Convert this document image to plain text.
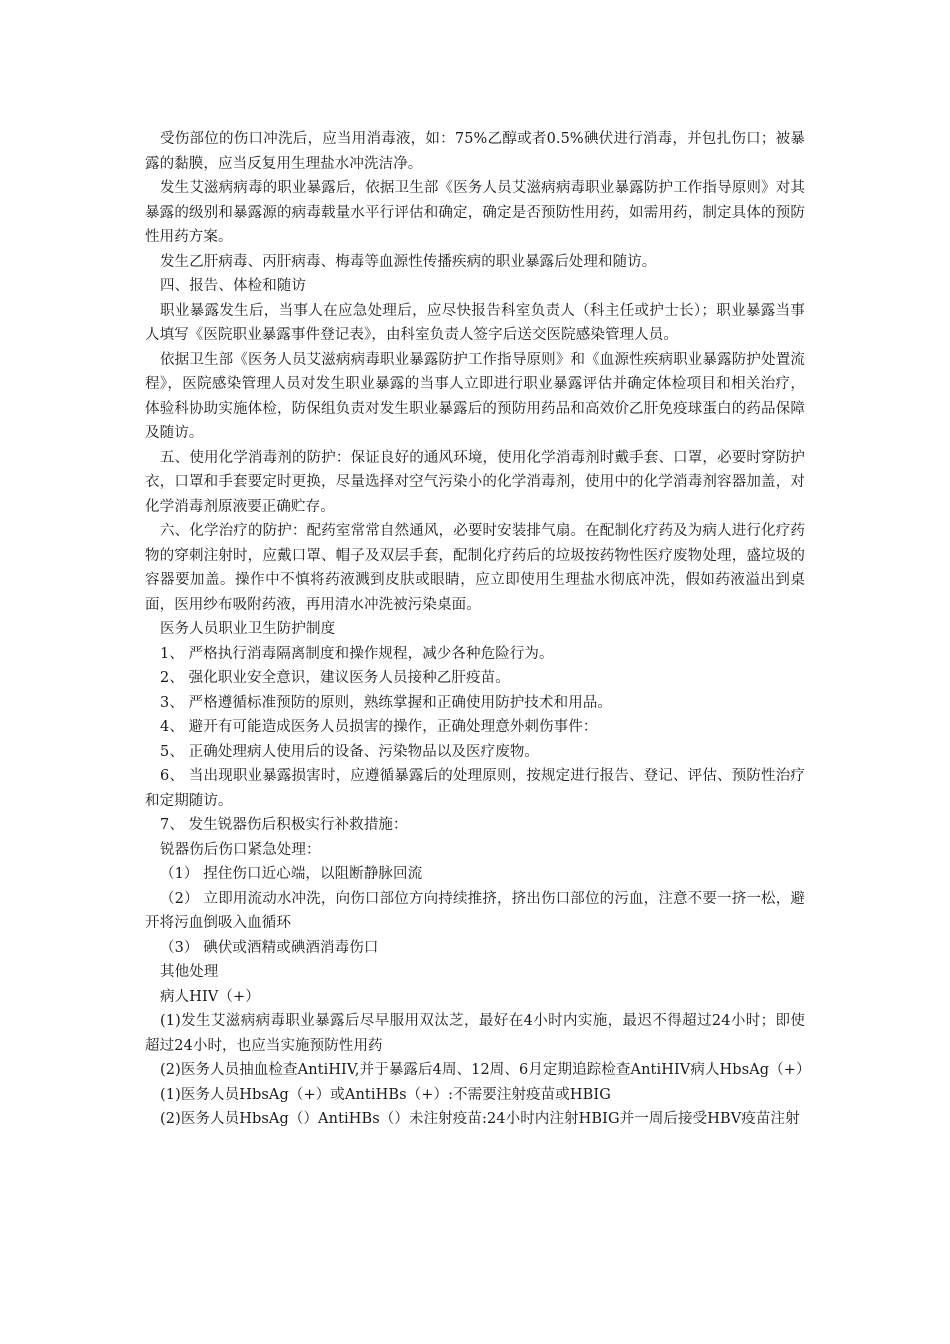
受伤部位的伤口冲洗后，应当用消毒液，如：75%乙醇或者0.5%碘伏进行消毒，并包扎伤口；被暴露的黏膜，应当反复用生理盐水冲洗洁净。

发生艾滋病病毒的职业暴露后，依据卫生部《医务人员艾滋病病毒职业暴露防护工作指导原则》对其暴露的级别和暴露源的病毒载量水平行评估和确定，确定是否预防性用药，如需用药，制定具体的预防性用药方案。

发生乙肝病毒、丙肝病毒、梅毒等血源性传播疾病的职业暴露后处理和随访。

四、报告、体检和随访

职业暴露发生后，当事人在应急处理后，应尽快报告科室负责人（科主任或护士长）；职业暴露当事人填写《医院职业暴露事件登记表》，由科室负责人签字后送交医院感染管理人员。

依据卫生部《医务人员艾滋病病毒职业暴露防护工作指导原则》和《血源性疾病职业暴露防护处置流程》，医院感染管理人员对发生职业暴露的当事人立即进行职业暴露评估并确定体检项目和相关治疗，体验科协助实施体检，防保组负责对发生职业暴露后的预防用药品和高效价乙肝免疫球蛋白的药品保障及随访。

五、使用化学消毒剂的防护：保证良好的通风环境，使用化学消毒剂时戴手套、口罩，必要时穿防护衣，口罩和手套要定时更换，尽量选择对空气污染小的化学消毒剂，使用中的化学消毒剂容器加盖，对化学消毒剂原液要正确贮存。

六、化学治疗的防护：配药室常常自然通风，必要时安装排气扇。在配制化疗药及为病人进行化疗药物的穿刺注射时，应戴口罩、帽子及双层手套，配制化疗药后的垃圾按药物性医疗废物处理，盛垃圾的容器要加盖。操作中不慎将药液溅到皮肤或眼睛，应立即使用生理盐水彻底冲洗，假如药液溢出到桌面，医用纱布吸附药液，再用清水冲洗被污染桌面。

医务人员职业卫生防护制度

1、 严格执行消毒隔离制度和操作规程，减少各种危险行为。

2、 强化职业安全意识，建议医务人员接种乙肝疫苗。

3、 严格遵循标准预防的原则，熟练掌握和正确使用防护技术和用品。

4、 避开有可能造成医务人员损害的操作，正确处理意外刺伤事件：

5、 正确处理病人使用后的设备、污染物品以及医疗废物。

6、 当出现职业暴露损害时，应遵循暴露后的处理原则，按规定进行报告、登记、评估、预防性治疗和定期随访。

7、 发生锐器伤后积极实行补救措施：

锐器伤后伤口紧急处理：

（1） 捏住伤口近心端，以阻断静脉回流

（2） 立即用流动水冲洗，向伤口部位方向持续推挤，挤出伤口部位的污血，注意不要一挤一松，避开将污血倒吸入血循环

（3） 碘伏或酒精或碘酒消毒伤口

其他处理

病人HIV（+）

(1)发生艾滋病病毒职业暴露后尽早服用双汰芝，最好在4小时内实施，最迟不得超过24小时；即使超过24小时，也应当实施预防性用药

(2)医务人员抽血检查AntiHIV,并于暴露后4周、12周、6月定期追踪检查AntiHIV病人HbsAg（+）

(1)医务人员HbsAg（+）或AntiHBs（+）:不需要注射疫苗或HBIG

(2)医务人员HbsAg（）AntiHBs（）未注射疫苗:24小时内注射HBIG并一周后接受HBV疫苗注射
